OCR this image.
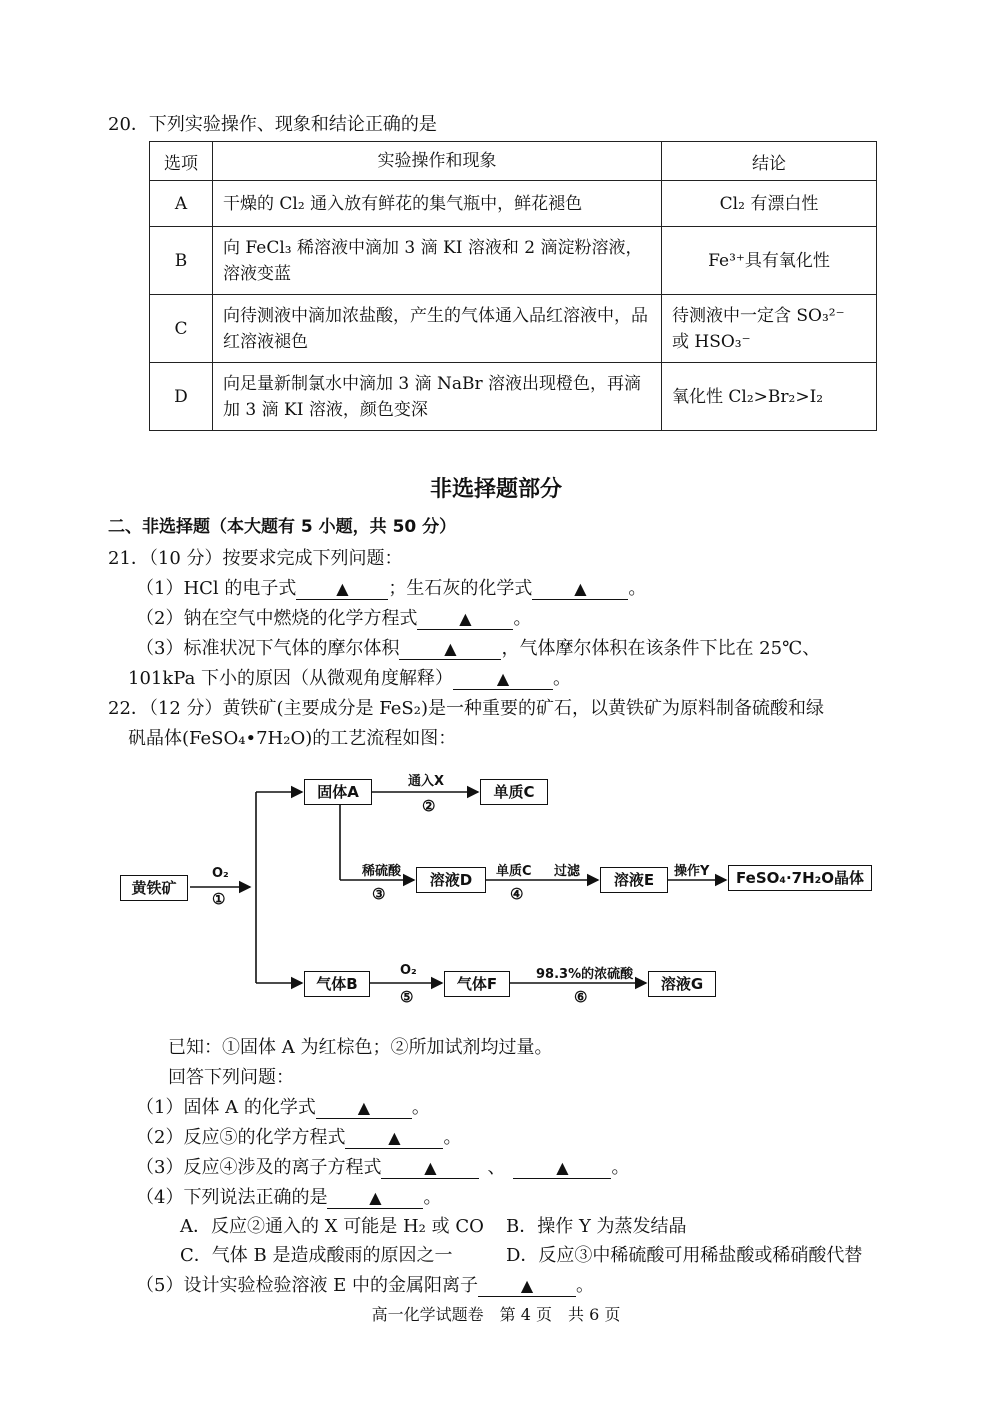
20．下列实验操作、现象和结论正确的是
选项	实验操作和现象	结论
A	干燥的 Cl₂ 通入放有鲜花的集气瓶中，鲜花褪色	Cl₂ 有漂白性
B	向 FeCl₃ 稀溶液中滴加 3 滴 KI 溶液和 2 滴淀粉溶液，溶液变蓝	Fe³⁺具有氧化性
C	向待测液中滴加浓盐酸，产生的气体通入品红溶液中，品红溶液褪色	待测液中一定含 SO₃²⁻ 或 HSO₃⁻
D	向足量新制氯水中滴加 3 滴 NaBr 溶液出现橙色，再滴加 3 滴 KI 溶液，颜色变深	氧化性 Cl₂>Br₂>I₂
非选择题部分
二、非选择题（本大题有 5 小题，共 50 分）
21．（10 分）按要求完成下列问题：
（1）HCl 的电子式 ▲ ；生石灰的化学式	▲ 。
（2）钠在空气中燃烧的化学方程式	▲ 。
（3）标准状况下气体的摩尔体积	▲ ，气体摩尔体积在该条件下比在 25℃、
101kPa 下小的原因（从微观角度解释）	▲ 。
22．（12 分）黄铁矿(主要成分是 FeS₂)是一种重要的矿石，以黄铁矿为原料制备硫酸和绿
矾晶体(FeSO₄•7H₂O)的工艺流程如图：
黄铁矿
固体A	单质C
溶液D	溶液E	FeSO₄·7H₂O晶体
气体B	气体F	溶液G
O₂
①
通入X
②
稀硫酸
③
单质C
④
过滤	操作Y
O₂
⑤
98.3%的浓硫酸
⑥
已知：①固体 A 为红棕色；②所加试剂均过量。
回答下列问题：
（1）固体 A 的化学式	▲ 。
（2）反应⑤的化学方程式	▲ 。
（3）反应④涉及的离子方程式	▲	、	▲ 。
（4）下列说法正确的是	▲ 。
A．反应②通入的 X 可能是 H₂ 或 CO B．操作 Y 为蒸发结晶
C．气体 B 是造成酸雨的原因之一	D．反应③中稀硫酸可用稀盐酸或稀硝酸代替
（5）设计实验检验溶液 E 中的金属阳离子	▲ 。
高一化学试题卷　第 4 页　共 6 页
